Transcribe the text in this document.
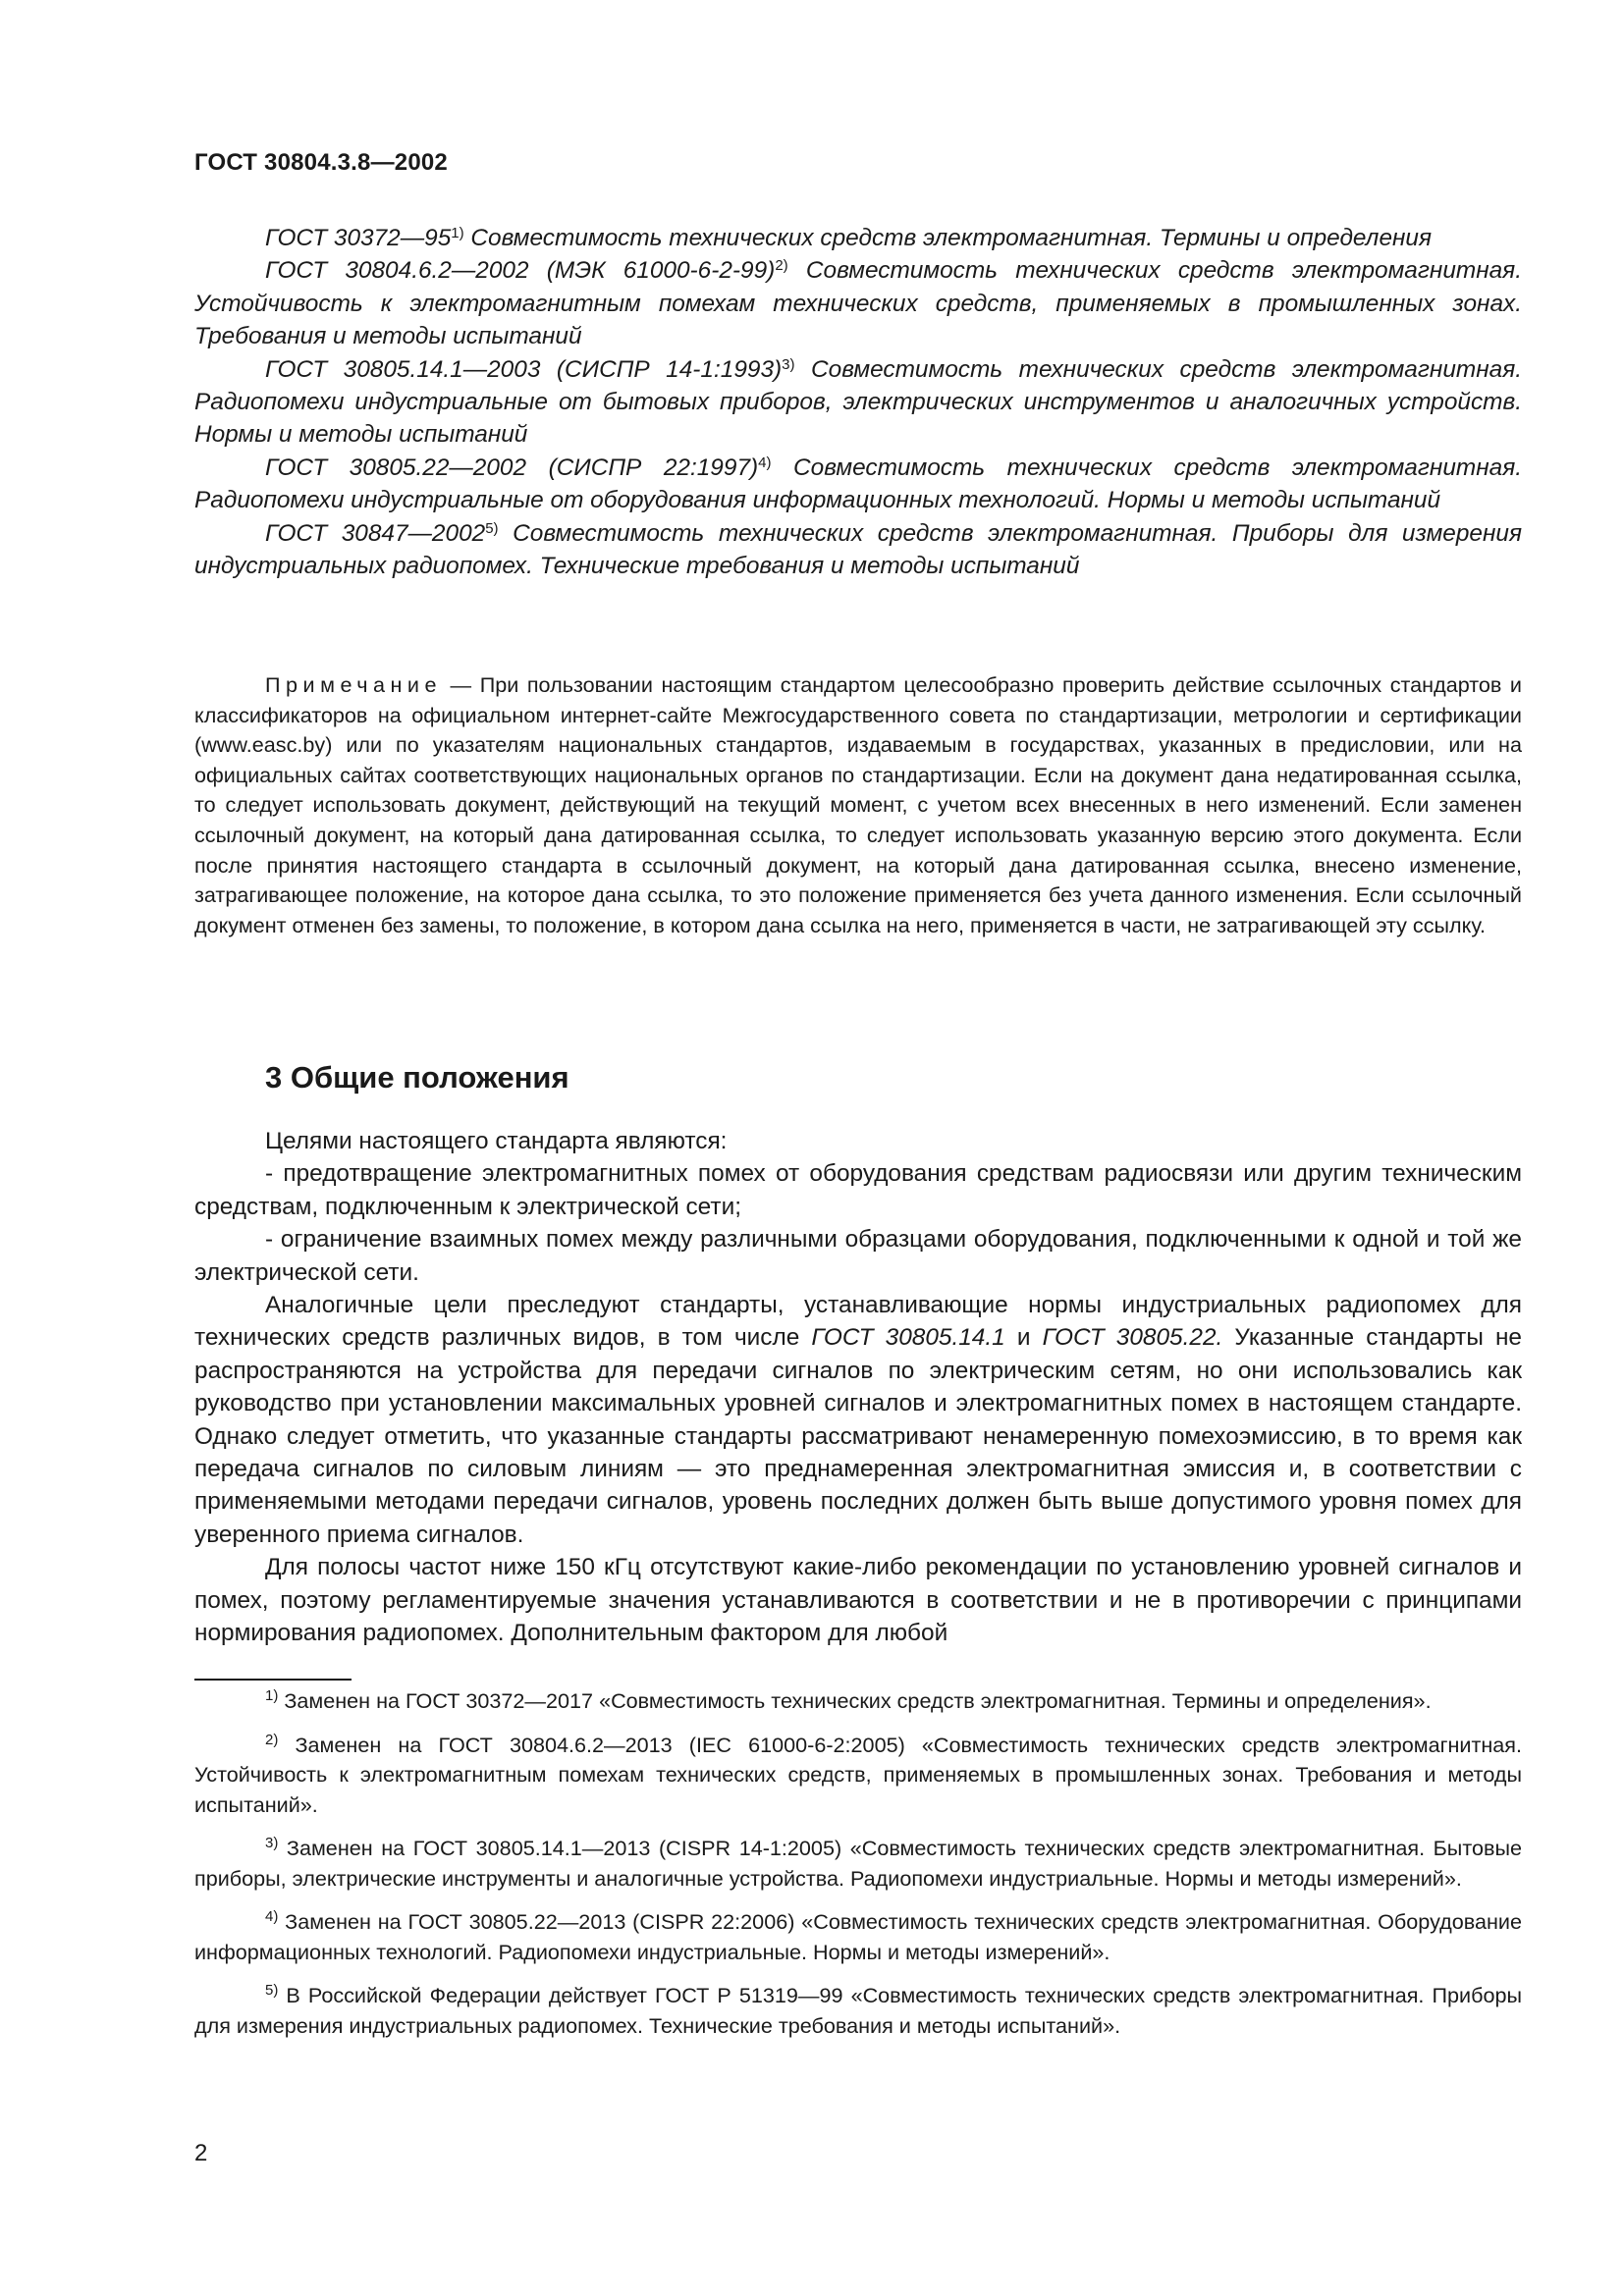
ГОСТ 30804.3.8—2002

ГОСТ 30372—95$^{1)}$ Совместимость технических средств электромагнитная. Термины и определения

ГОСТ 30804.6.2—2002 (МЭК 61000-6-2-99)$^{2)}$ Совместимость технических средств электромагнитная. Устойчивость к электромагнитным помехам технических средств, применяемых в промышленных зонах. Требования и методы испытаний

ГОСТ 30805.14.1—2003 (СИСПР 14-1:1993)$^{3)}$ Совместимость технических средств электромагнитная. Радиопомехи индустриальные от бытовых приборов, электрических инструментов и аналогичных устройств. Нормы и методы испытаний

ГОСТ 30805.22—2002 (СИСПР 22:1997)$^{4)}$ Совместимость технических средств электромагнитная. Радиопомехи индустриальные от оборудования информационных технологий. Нормы и методы испытаний

ГОСТ 30847—2002$^{5)}$ Совместимость технических средств электромагнитная. Приборы для измерения индустриальных радиопомех. Технические требования и методы испытаний

Примечание — При пользовании настоящим стандартом целесообразно проверить действие ссылочных стандартов и классификаторов на официальном интернет-сайте Межгосударственного совета по стандартизации, метрологии и сертификации (www.easc.by) или по указателям национальных стандартов, издаваемым в государствах, указанных в предисловии, или на официальных сайтах соответствующих национальных органов по стандартизации. Если на документ дана недатированная ссылка, то следует использовать документ, действующий на текущий момент, с учетом всех внесенных в него изменений. Если заменен ссылочный документ, на который дана датированная ссылка, то следует использовать указанную версию этого документа. Если после принятия настоящего стандарта в ссылочный документ, на который дана датированная ссылка, внесено изменение, затрагивающее положение, на которое дана ссылка, то это положение применяется без учета данного изменения. Если ссылочный документ отменен без замены, то положение, в котором дана ссылка на него, применяется в части, не затрагивающей эту ссылку.

3 Общие положения

Целями настоящего стандарта являются:

- предотвращение электромагнитных помех от оборудования средствам радиосвязи или другим техническим средствам, подключенным к электрической сети;

- ограничение взаимных помех между различными образцами оборудования, подключенными к одной и той же электрической сети.

Аналогичные цели преследуют стандарты, устанавливающие нормы индустриальных радиопомех для технических средств различных видов, в том числе ГОСТ 30805.14.1 и ГОСТ 30805.22. Указанные стандарты не распространяются на устройства для передачи сигналов по электрическим сетям, но они использовались как руководство при установлении максимальных уровней сигналов и электромагнитных помех в настоящем стандарте. Однако следует отметить, что указанные стандарты рассматривают ненамеренную помехоэмиссию, в то время как передача сигналов по силовым линиям — это преднамеренная электромагнитная эмиссия и, в соответствии с применяемыми методами передачи сигналов, уровень последних должен быть выше допустимого уровня помех для уверенного приема сигналов.

Для полосы частот ниже 150 кГц отсутствуют какие-либо рекомендации по установлению уровней сигналов и помех, поэтому регламентируемые значения устанавливаются в соответствии и не в противоречии с принципами нормирования радиопомех. Дополнительным фактором для любой

$^{1)}$ Заменен на ГОСТ 30372—2017 «Совместимость технических средств электромагнитная. Термины и определения».

$^{2)}$ Заменен на ГОСТ 30804.6.2—2013 (IEC 61000-6-2:2005) «Совместимость технических средств электромагнитная. Устойчивость к электромагнитным помехам технических средств, применяемых в промышленных зонах. Требования и методы испытаний».

$^{3)}$ Заменен на ГОСТ 30805.14.1—2013 (CISPR 14-1:2005) «Совместимость технических средств электромагнитная. Бытовые приборы, электрические инструменты и аналогичные устройства. Радиопомехи индустриальные. Нормы и методы измерений».

$^{4)}$ Заменен на ГОСТ 30805.22—2013 (CISPR 22:2006) «Совместимость технических средств электромагнитная. Оборудование информационных технологий. Радиопомехи индустриальные. Нормы и методы измерений».

$^{5)}$ В Российской Федерации действует ГОСТ Р 51319—99 «Совместимость технических средств электромагнитная. Приборы для измерения индустриальных радиопомех. Технические требования и методы испытаний».

2
